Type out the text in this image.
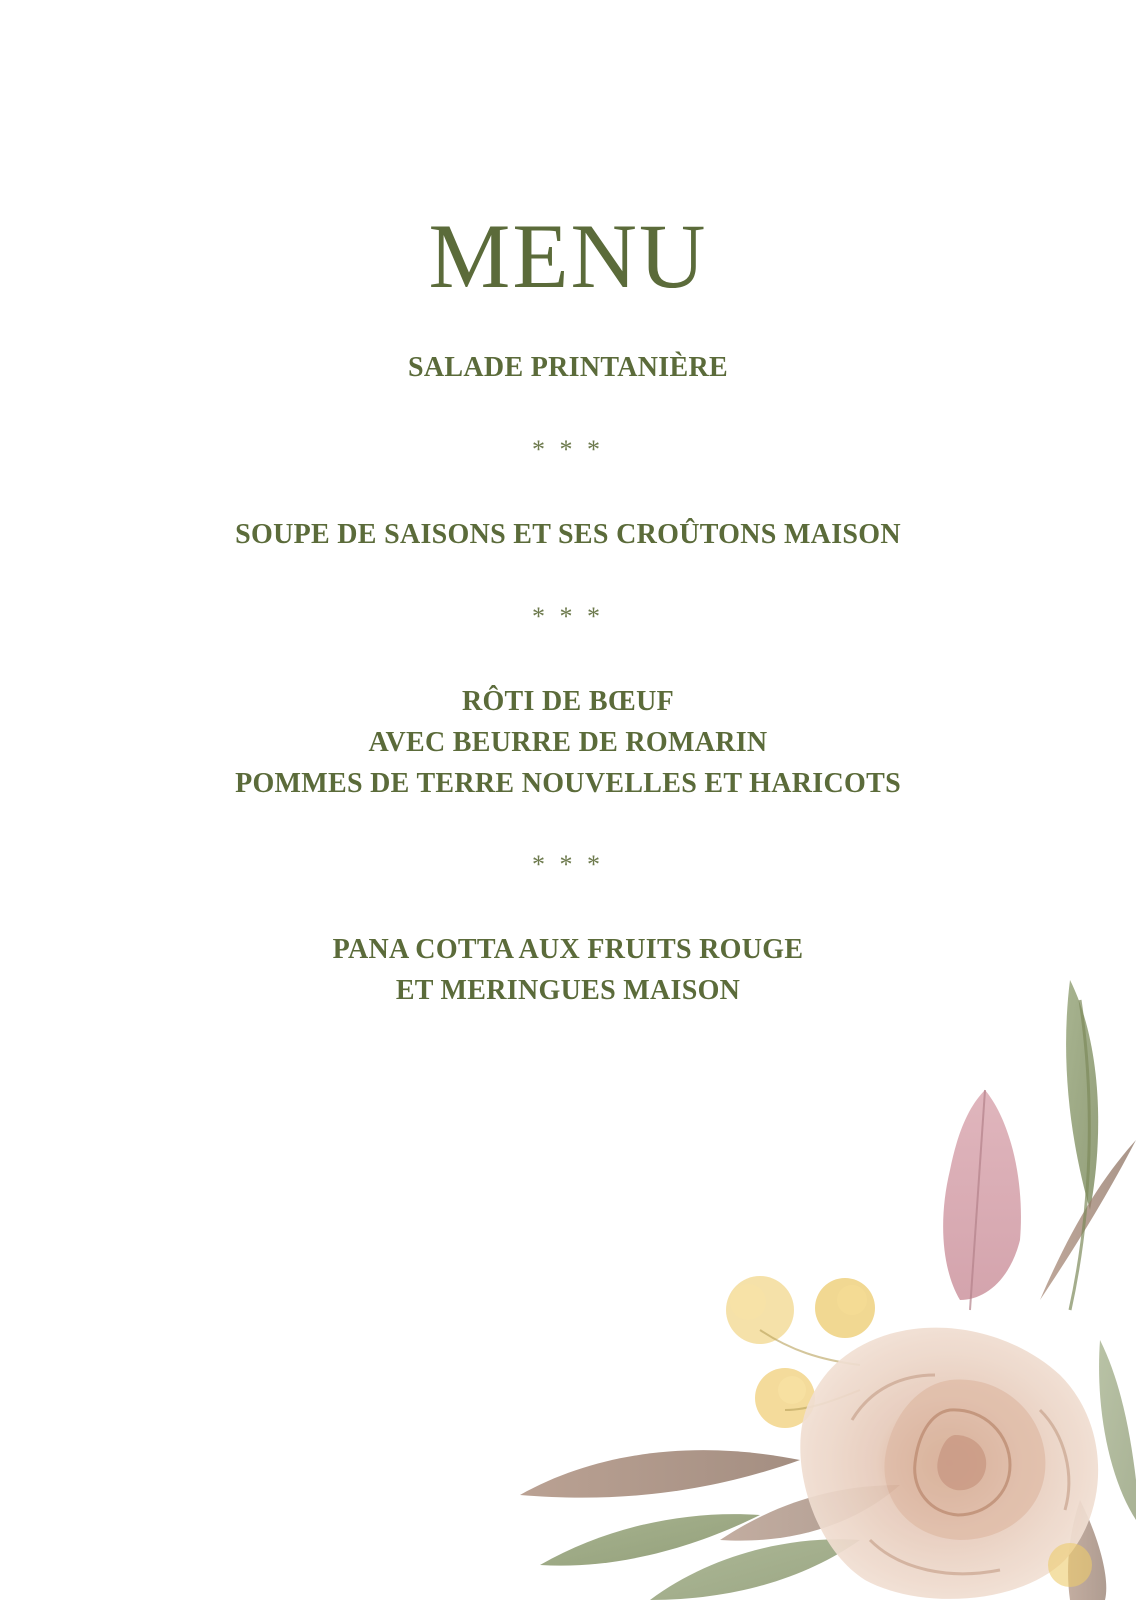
MENU
SALADE PRINTANIÈRE
* * *
SOUPE DE SAISONS ET SES CROÛTONS MAISON
* * *
RÔTI DE BŒUF
AVEC BEURRE DE ROMARIN
POMMES DE TERRE NOUVELLES ET HARICOTS
* * *
PANA COTTA AUX FRUITS ROUGE
ET MERINGUES MAISON
